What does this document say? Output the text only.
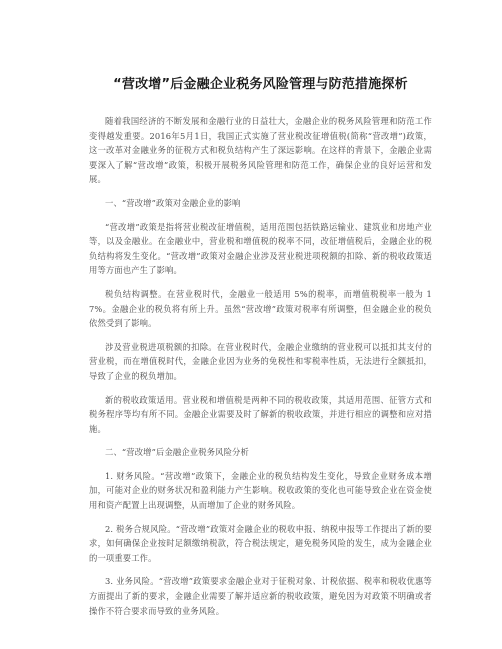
“营改增”后金融企业税务风险管理与防范措施探析

随着我国经济的不断发展和金融行业的日益壮大，金融企业的税务风险管理和防范工作变得越发重要。2016年5月1日，我国正式实施了营业税改征增值税(简称“营改增”)政策，这一改革对金融业务的征税方式和税负结构产生了深远影响。在这样的背景下，金融企业需要深入了解“营改增”政策，积极开展税务风险管理和防范工作，确保企业的良好运营和发展。

一、“营改增”政策对金融企业的影响

“营改增”政策是指将营业税改征增值税，适用范围包括铁路运输业、建筑业和房地产业等，以及金融业。在金融业中，营业税和增值税的税率不同，改征增值税后，金融企业的税负结构将发生变化。“营改增”政策对金融企业涉及营业税进项税额的扣除、新的税收政策适用等方面也产生了影响。

税负结构调整。在营业税时代，金融业一般适用 5%的税率，而增值税税率一般为 17%。金融企业的税负将有所上升。虽然“营改增”政策对税率有所调整，但金融企业的税负依然受到了影响。

涉及营业税进项税额的扣除。在营业税时代，金融企业缴纳的营业税可以抵扣其支付的营业税，而在增值税时代，金融企业因为业务的免税性和零税率性质，无法进行全额抵扣，导致了企业的税负增加。

新的税收政策适用。营业税和增值税是两种不同的税收政策，其适用范围、征管方式和税务程序等均有所不同。金融企业需要及时了解新的税收政策，并进行相应的调整和应对措施。

二、“营改增”后金融企业税务风险分析

1. 财务风险。“营改增”政策下，金融企业的税负结构发生变化，导致企业财务成本增加，可能对企业的财务状况和盈利能力产生影响。税收政策的变化也可能导致企业在资金使用和资产配置上出现调整，从而增加了企业的财务风险。

2. 税务合规风险。“营改增”政策对金融企业的税收申报、纳税申报等工作提出了新的要求，如何确保企业按时足额缴纳税款，符合税法规定，避免税务风险的发生，成为金融企业的一项重要工作。

3. 业务风险。“营改增”政策要求金融企业对于征税对象、计税依据、税率和税收优惠等方面提出了新的要求，金融企业需要了解并适应新的税收政策，避免因为对政策不明确或者操作不符合要求而导致的业务风险。
